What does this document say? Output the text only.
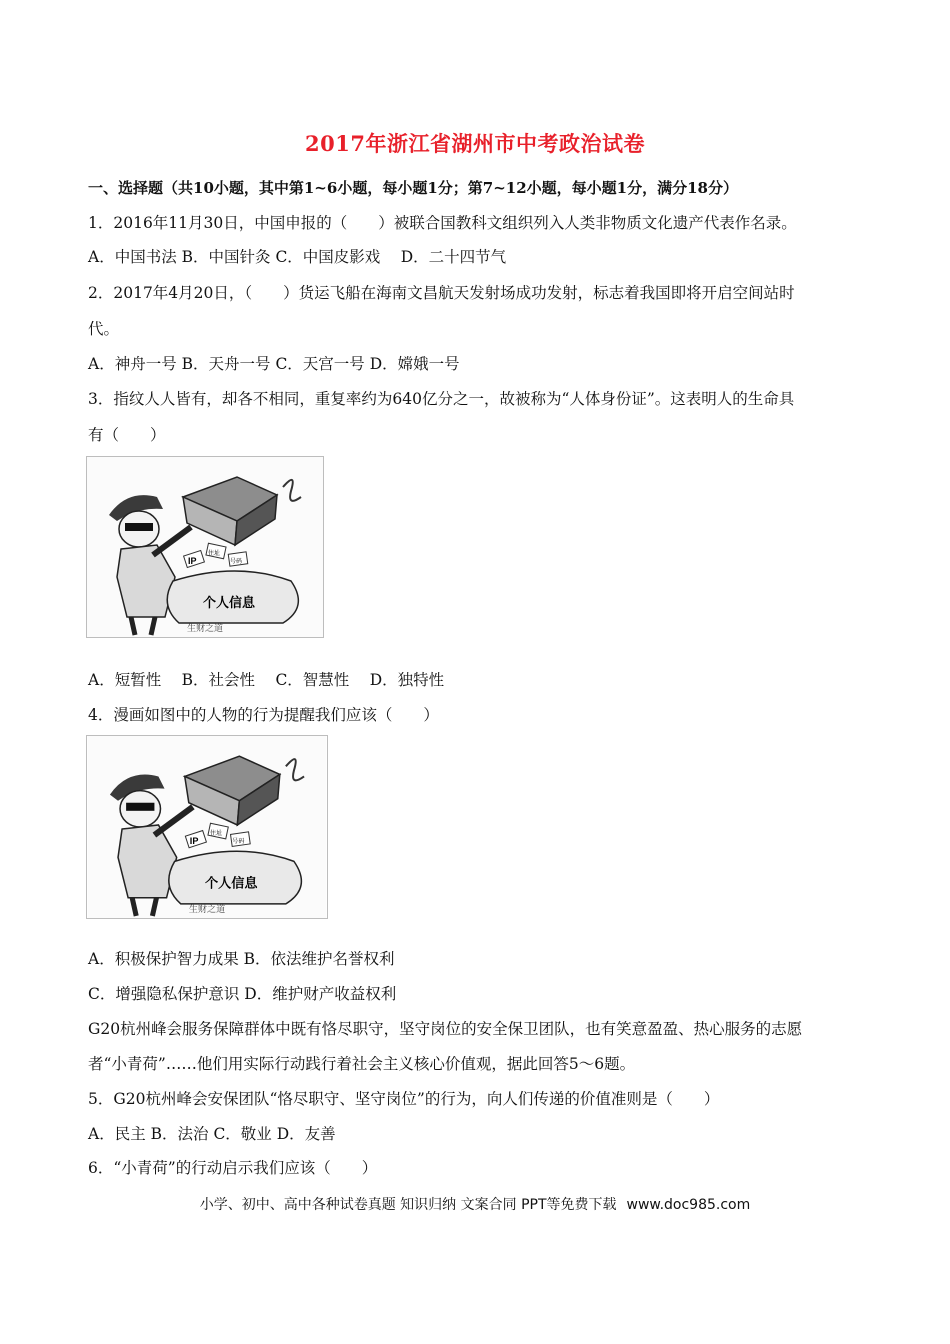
2017年浙江省湖州市中考政治试卷
一、选择题（共10小题，其中第1~6小题，每小题1分；第7~12小题，每小题1分，满分18分）
1．2016年11月30日，中国申报的（　　）被联合国教科文组织列入人类非物质文化遗产代表作名录。
A．中国书法 B．中国针灸 C．中国皮影戏　 D．二十四节气
2．2017年4月20日，（　　）货运飞船在海南文昌航天发射场成功发射，标志着我国即将开启空间站时
代。
A．神舟一号 B．天舟一号 C．天宫一号 D．嫦娥一号
3．指纹人人皆有，却各不相同，重复率约为640亿分之一，故被称为“人体身份证”。这表明人的生命具
有（　　）
IP
住址
号码
个人信息
生财之道
A．短暂性　 B．社会性　 C．智慧性　 D．独特性
4．漫画如图中的人物的行为提醒我们应该（　　）
IP
住址
号码
个人信息
生财之道
A．积极保护智力成果 B．依法维护名誉权利
C．增强隐私保护意识 D．维护财产收益权利
G20杭州峰会服务保障群体中既有恪尽职守，坚守岗位的安全保卫团队，也有笑意盈盈、热心服务的志愿
者“小青荷”……他们用实际行动践行着社会主义核心价值观，据此回答5～6题。
5．G20杭州峰会安保团队“恪尽职守、坚守岗位”的行为，向人们传递的价值准则是（　　）
A．民主 B．法治 C．敬业 D．友善
6．“小青荷”的行动启示我们应该（　　）
小学、初中、高中各种试卷真题 知识归纳 文案合同 PPT等免费下载 www.doc985.com
